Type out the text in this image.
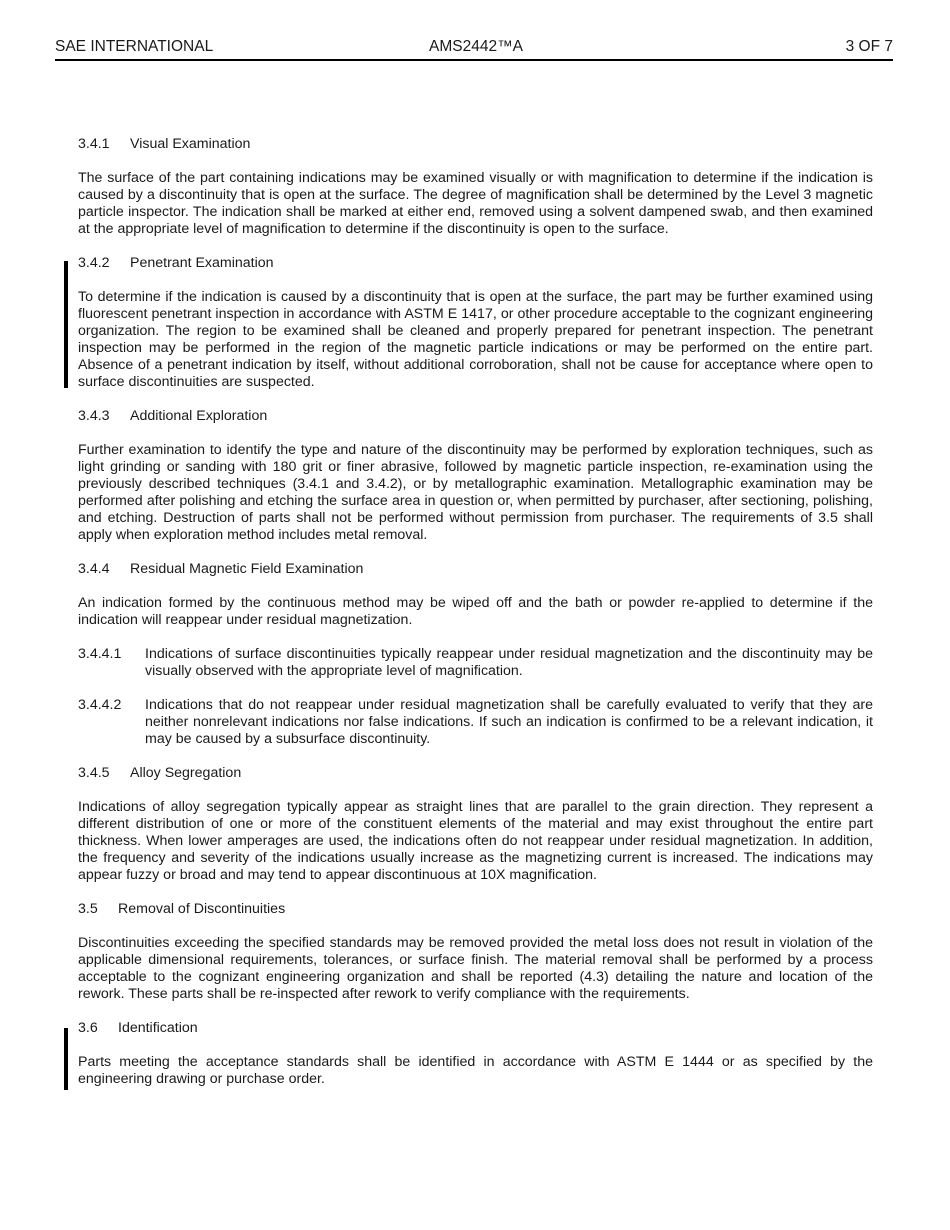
SAE INTERNATIONAL	AMS2442™A	3 OF 7
3.4.1	Visual Examination

The surface of the part containing indications may be examined visually or with magnification to determine if the indication is caused by a discontinuity that is open at the surface. The degree of magnification shall be determined by the Level 3 magnetic particle inspector. The indication shall be marked at either end, removed using a solvent dampened swab, and then examined at the appropriate level of magnification to determine if the discontinuity is open to the surface.

3.4.2	Penetrant Examination

To determine if the indication is caused by a discontinuity that is open at the surface, the part may be further examined using fluorescent penetrant inspection in accordance with ASTM E 1417, or other procedure acceptable to the cognizant engineering organization. The region to be examined shall be cleaned and properly prepared for penetrant inspection. The penetrant inspection may be performed in the region of the magnetic particle indications or may be performed on the entire part. Absence of a penetrant indication by itself, without additional corroboration, shall not be cause for acceptance where open to surface discontinuities are suspected.

3.4.3	Additional Exploration

Further examination to identify the type and nature of the discontinuity may be performed by exploration techniques, such as light grinding or sanding with 180 grit or finer abrasive, followed by magnetic particle inspection, re-examination using the previously described techniques (3.4.1 and 3.4.2), or by metallographic examination. Metallographic examination may be performed after polishing and etching the surface area in question or, when permitted by purchaser, after sectioning, polishing, and etching. Destruction of parts shall not be performed without permission from purchaser. The requirements of 3.5 shall apply when exploration method includes metal removal.

3.4.4	Residual Magnetic Field Examination

An indication formed by the continuous method may be wiped off and the bath or powder re-applied to determine if the indication will reappear under residual magnetization.

3.4.4.1	Indications of surface discontinuities typically reappear under residual magnetization and the discontinuity may be visually observed with the appropriate level of magnification.
3.4.4.2	Indications that do not reappear under residual magnetization shall be carefully evaluated to verify that they are neither nonrelevant indications nor false indications. If such an indication is confirmed to be a relevant indication, it may be caused by a subsurface discontinuity.
3.4.5	Alloy Segregation

Indications of alloy segregation typically appear as straight lines that are parallel to the grain direction. They represent a different distribution of one or more of the constituent elements of the material and may exist throughout the entire part thickness. When lower amperages are used, the indications often do not reappear under residual magnetization. In addition, the frequency and severity of the indications usually increase as the magnetizing current is increased. The indications may appear fuzzy or broad and may tend to appear discontinuous at 10X magnification.

3.5	Removal of Discontinuities

Discontinuities exceeding the specified standards may be removed provided the metal loss does not result in violation of the applicable dimensional requirements, tolerances, or surface finish. The material removal shall be performed by a process acceptable to the cognizant engineering organization and shall be reported (4.3) detailing the nature and location of the rework. These parts shall be re-inspected after rework to verify compliance with the requirements.

3.6	Identification

Parts meeting the acceptance standards shall be identified in accordance with ASTM E 1444 or as specified by the engineering drawing or purchase order.
